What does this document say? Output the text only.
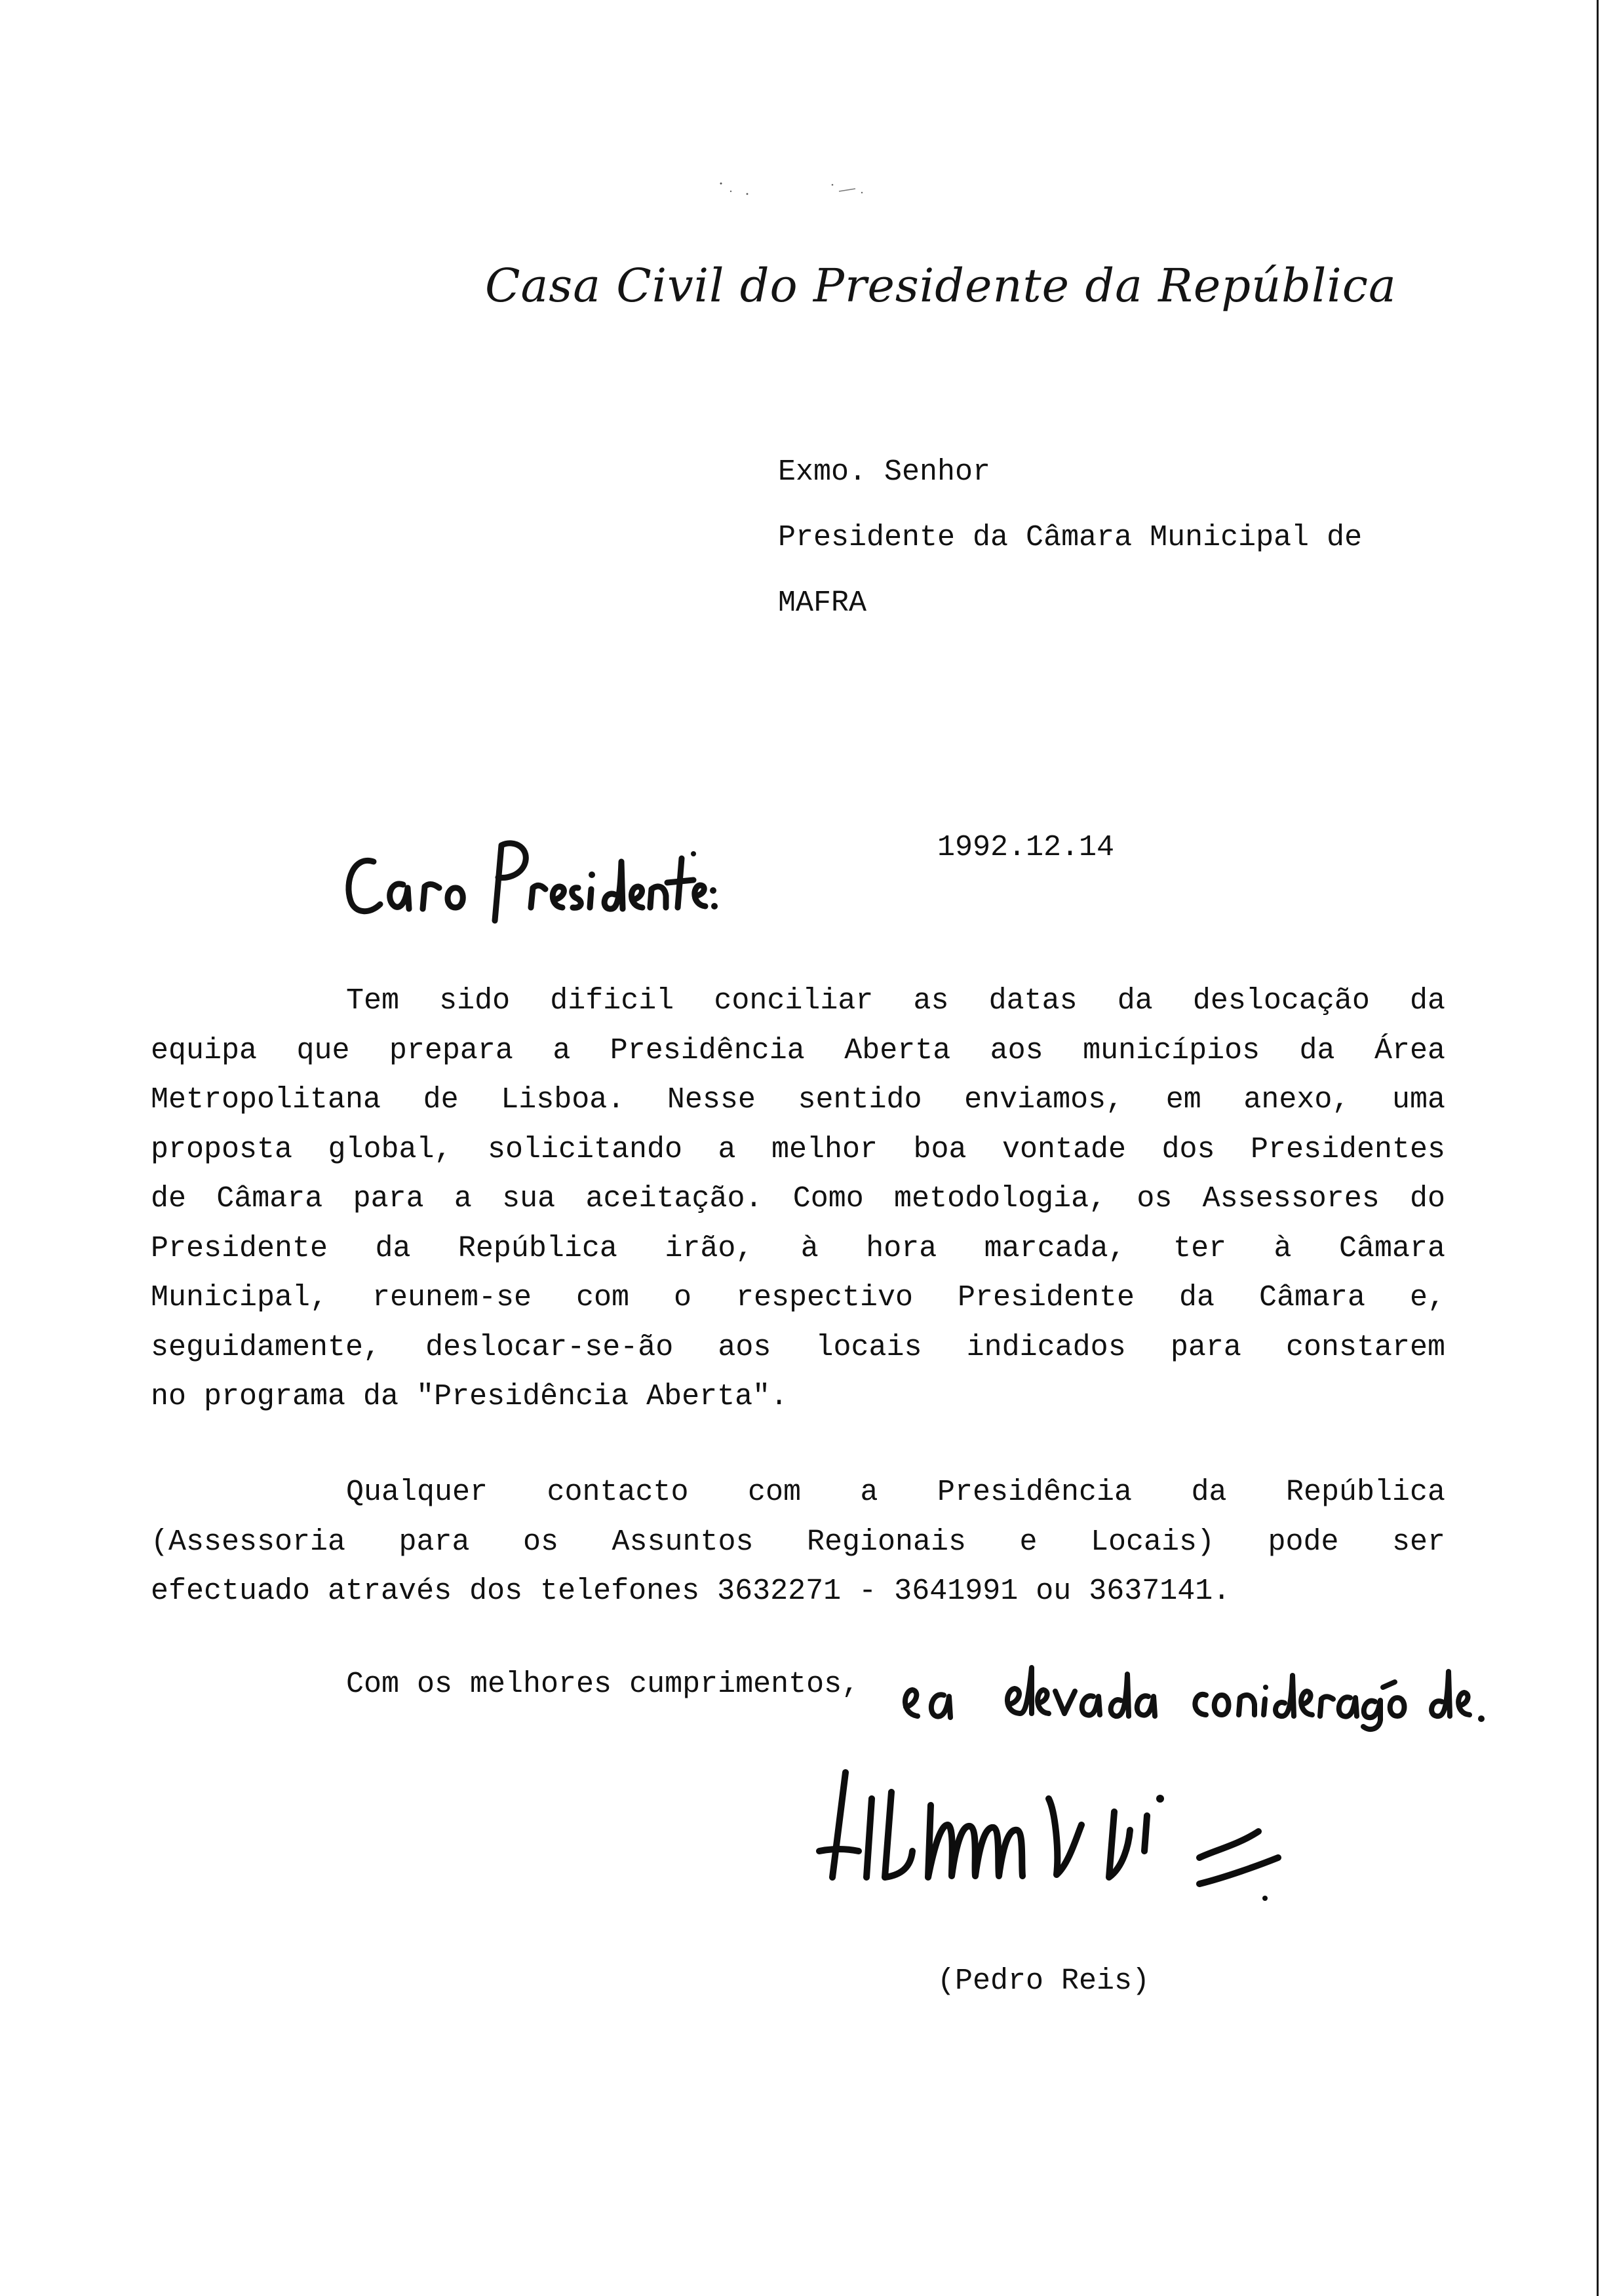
Casa Civil do Presidente da República
Exmo. Senhor
Presidente da Câmara Municipal de
MAFRA
1992.12.14
Tem sido dificil conciliar as datas da deslocação da
equipa que prepara a Presidência Aberta aos municípios da Área
Metropolitana de Lisboa. Nesse sentido enviamos, em anexo, uma
proposta global, solicitando a melhor boa vontade dos Presidentes
de Câmara para a sua aceitação. Como metodologia, os Assessores do
Presidente da República irão, à hora marcada, ter à Câmara
Municipal, reunem-se com o respectivo Presidente da Câmara e,
seguidamente, deslocar-se-ão aos locais indicados para constarem
no programa da "Presidência Aberta".
Qualquer contacto com a Presidência da República
(Assessoria para os Assuntos Regionais e Locais) pode ser
efectuado através dos telefones 3632271 - 3641991 ou 3637141.
Com os melhores cumprimentos,
(Pedro Reis)
